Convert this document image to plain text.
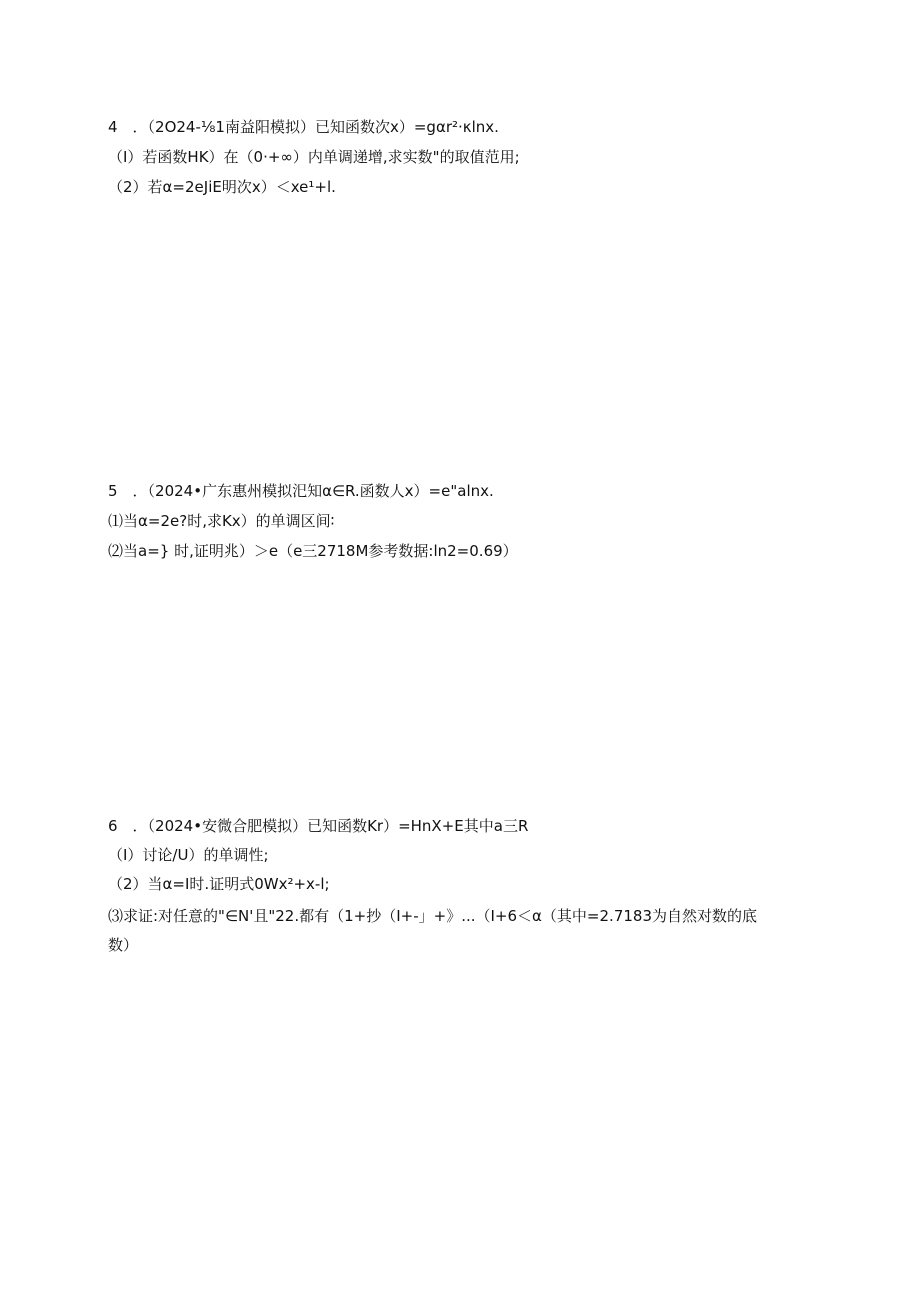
4　．（2O24-⅛1南益阳模拟）已知函数次x）=gαr²·κlnx.
（I）若函数HK）在（0·+∞）内单调递增,求实数"的取值范用;
（2）若α=2eJiE明次x）＜xe¹+l.
5　．（2024•广东惠州模拟汜知α∈R.函数人x）=e"alnx.
⑴当α=2e?时,求Kx）的单调区间∶
⑵当a=} 时,证明兆）＞e（e三2718M参考数据:ln2=0.69）
6　．（2024•安微合肥模拟）已知函数Kr）=HnX+E其中a三R
（I）讨论/U）的单调性;
（2）当α=I时.证明式0Wx²+x-l;
⑶求证:对任意的"∈N'且"22.都有（1+抄（I+-」+》...（I+6＜α（其中=2.7183为自然对数的底
数）
